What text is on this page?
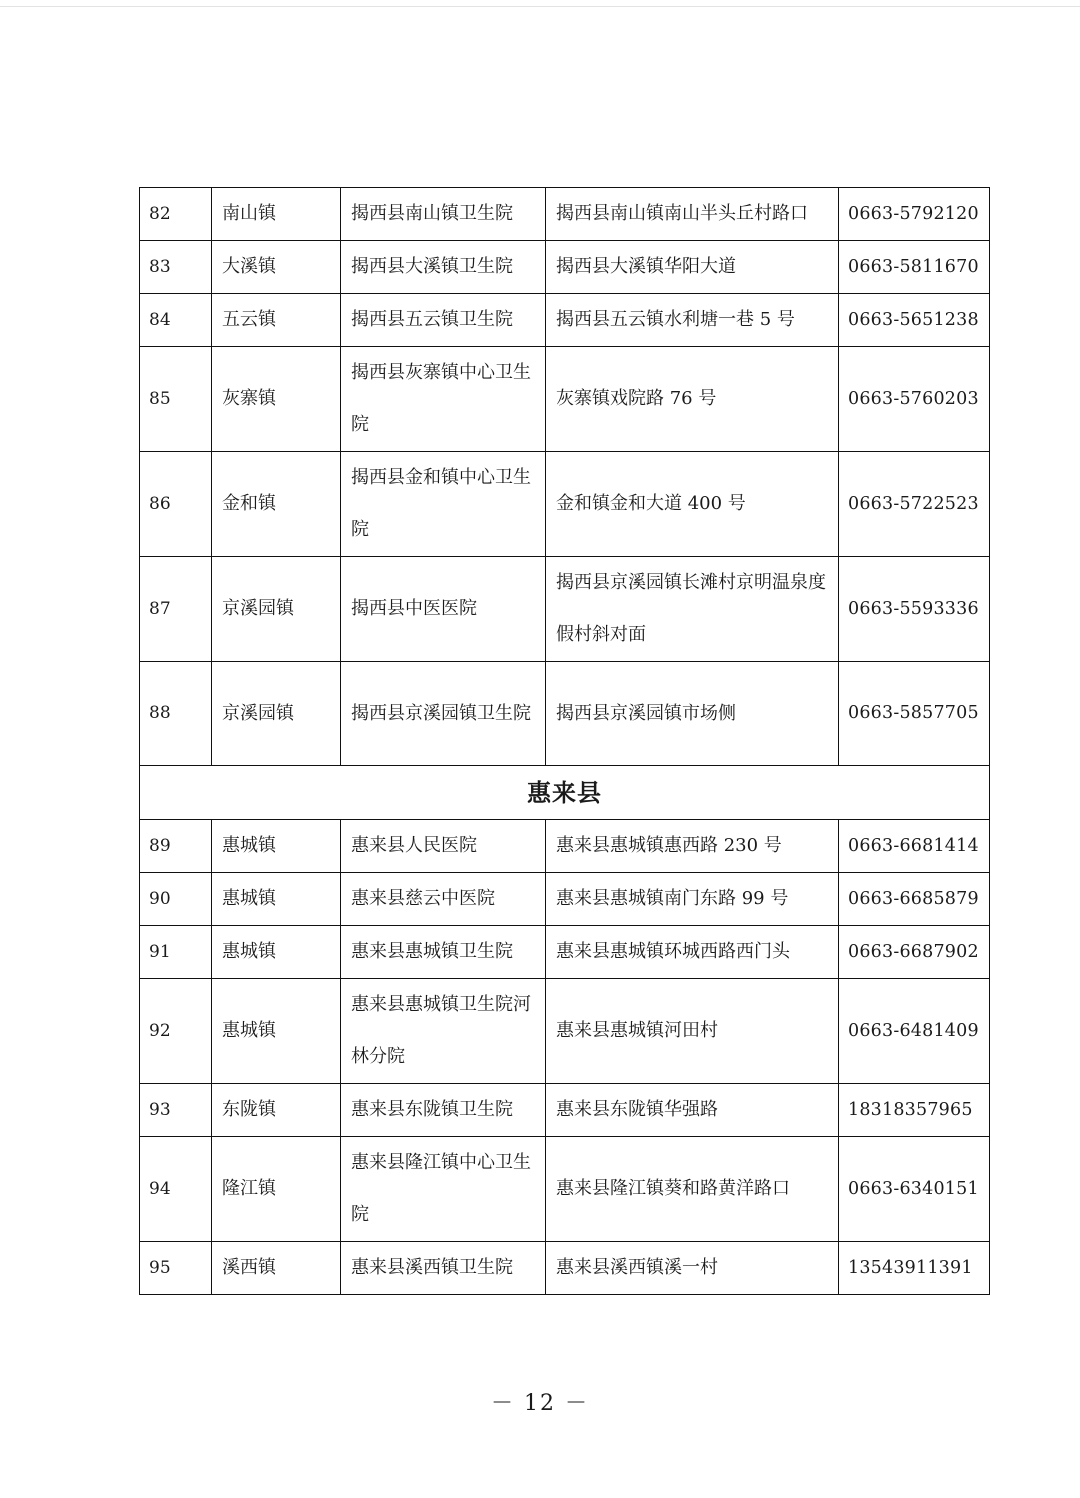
82	南山镇	揭西县南山镇卫生院	揭西县南山镇南山半头丘村路口	0663-5792120
83	大溪镇	揭西县大溪镇卫生院	揭西县大溪镇华阳大道	0663-5811670
84	五云镇	揭西县五云镇卫生院	揭西县五云镇水利塘一巷 5 号	0663-5651238
85	灰寨镇	揭西县灰寨镇中心卫生院	灰寨镇戏院路 76 号	0663-5760203
86	金和镇	揭西县金和镇中心卫生院	金和镇金和大道 400 号	0663-5722523
87	京溪园镇	揭西县中医医院	揭西县京溪园镇长滩村京明温泉度假村斜对面	0663-5593336
88	京溪园镇	揭西县京溪园镇卫生院	揭西县京溪园镇市场侧	0663-5857705
惠来县				
89	惠城镇	惠来县人民医院	惠来县惠城镇惠西路 230 号	0663-6681414
90	惠城镇	惠来县慈云中医院	惠来县惠城镇南门东路 99 号	0663-6685879
91	惠城镇	惠来县惠城镇卫生院	惠来县惠城镇环城西路西门头	0663-6687902
92	惠城镇	惠来县惠城镇卫生院河林分院	惠来县惠城镇河田村	0663-6481409
93	东陇镇	惠来县东陇镇卫生院	惠来县东陇镇华强路	18318357965
94	隆江镇	惠来县隆江镇中心卫生院	惠来县隆江镇葵和路黄洋路口	0663-6340151
95	溪西镇	惠来县溪西镇卫生院	惠来县溪西镇溪一村	13543911391
－ 12 －
